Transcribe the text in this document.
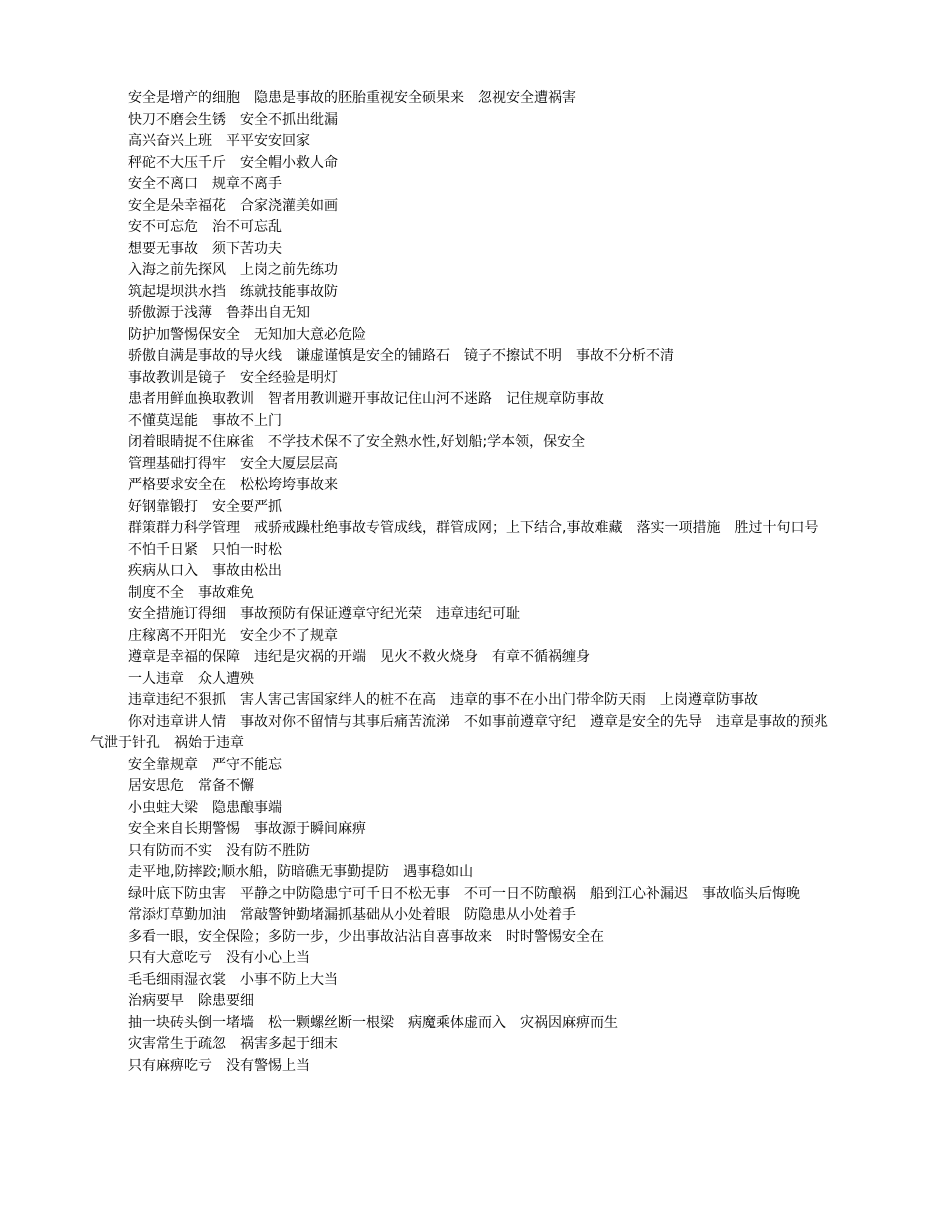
安全是增产的细胞　隐患是事故的胚胎重视安全硕果来　忽视安全遭祸害

快刀不磨会生锈　安全不抓出纰漏

高兴奋兴上班　平平安安回家

秤砣不大压千斤　安全帽小救人命

安全不离口　规章不离手

安全是朵幸福花　合家浇灌美如画

安不可忘危　治不可忘乱

想要无事故　须下苦功夫

入海之前先探风　上岗之前先练功

筑起堤坝洪水挡　练就技能事故防

骄傲源于浅薄　鲁莽出自无知

防护加警惕保安全　无知加大意必危险

骄傲自满是事故的导火线　谦虚谨慎是安全的铺路石　镜子不擦试不明　事故不分析不清

事故教训是镜子　安全经验是明灯

患者用鲜血换取教训　智者用教训避开事故记住山河不迷路　记住规章防事故

不懂莫逞能　事故不上门

闭着眼睛捉不住麻雀　不学技术保不了安全熟水性,好划船;学本领，保安全

管理基础打得牢　安全大厦层层高

严格要求安全在　松松垮垮事故来

好钢靠锻打　安全要严抓

群策群力科学管理　戒骄戒躁杜绝事故专管成线，群管成网；上下结合,事故难藏　落实一项措施　胜过十句口号

不怕千日紧　只怕一时松

疾病从口入　事故由松出

制度不全　事故难免

安全措施订得细　事故预防有保证遵章守纪光荣　违章违纪可耻

庄稼离不开阳光　安全少不了规章

遵章是幸福的保障　违纪是灾祸的开端　见火不救火烧身　有章不循祸缠身

一人违章　众人遭殃

违章违纪不狠抓　害人害己害国家绊人的桩不在高　违章的事不在小出门带伞防天雨　上岗遵章防事故

你对违章讲人情　事故对你不留情与其事后痛苦流涕　不如事前遵章守纪　遵章是安全的先导　违章是事故的预兆　气泄于针孔　祸始于违章

安全靠规章　严守不能忘

居安思危　常备不懈

小虫蛀大梁　隐患酿事端

安全来自长期警惕　事故源于瞬间麻痹

只有防而不实　没有防不胜防

走平地,防摔跤;顺水船，防暗礁无事勤提防　遇事稳如山

绿叶底下防虫害　平静之中防隐患宁可千日不松无事　不可一日不防酿祸　船到江心补漏迟　事故临头后悔晚

常添灯草勤加油　常敲警钟勤堵漏抓基础从小处着眼　防隐患从小处着手

多看一眼，安全保险；多防一步，少出事故沾沾自喜事故来　时时警惕安全在

只有大意吃亏　没有小心上当

毛毛细雨湿衣裳　小事不防上大当

治病要早　除患要细

抽一块砖头倒一堵墙　松一颗螺丝断一根梁　病魔乘体虚而入　灾祸因麻痹而生

灾害常生于疏忽　祸害多起于细末

只有麻痹吃亏　没有警惕上当
